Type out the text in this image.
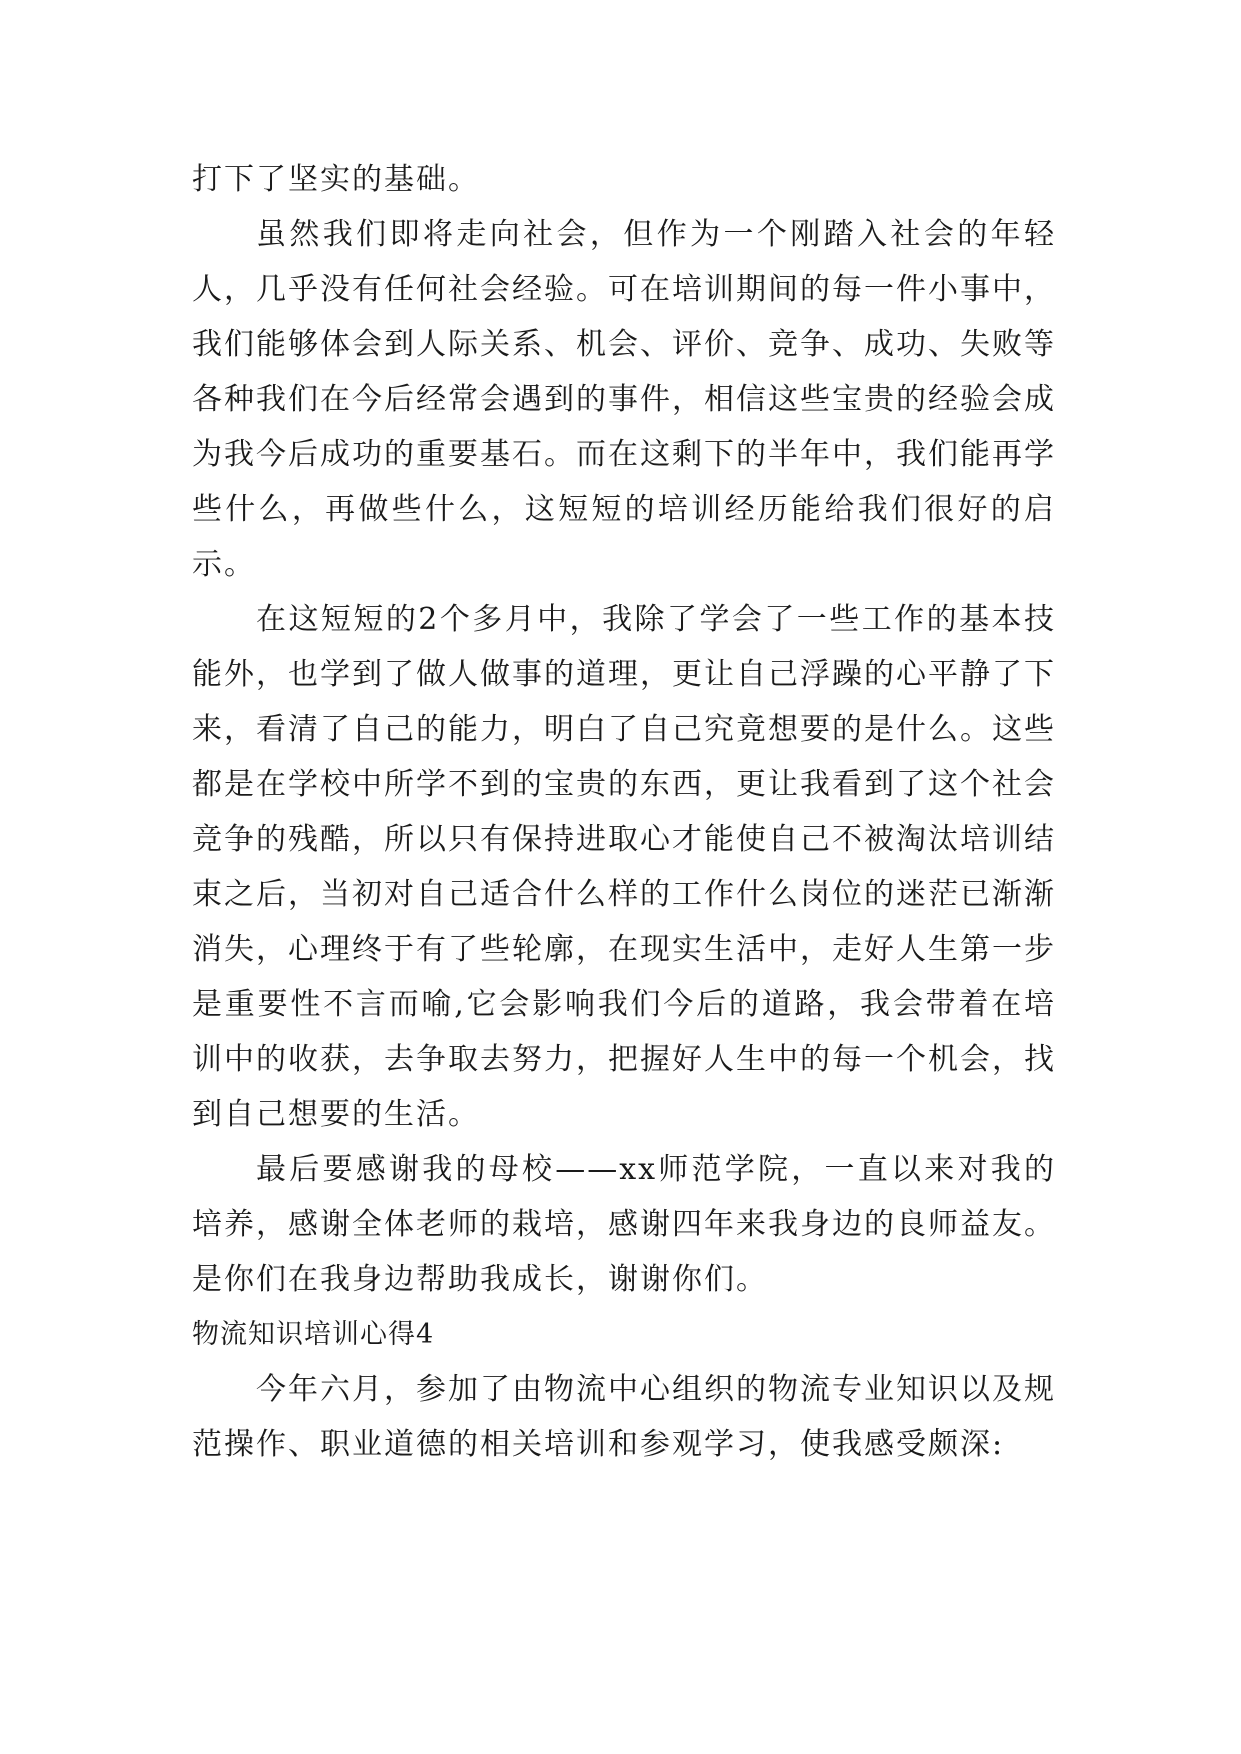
打下了坚实的基础。

虽然我们即将走向社会，但作为一个刚踏入社会的年轻人，几乎没有任何社会经验。可在培训期间的每一件小事中，我们能够体会到人际关系、机会、评价、竞争、成功、失败等各种我们在今后经常会遇到的事件，相信这些宝贵的经验会成为我今后成功的重要基石。而在这剩下的半年中，我们能再学些什么，再做些什么，这短短的培训经历能给我们很好的启示。

在这短短的2个多月中，我除了学会了一些工作的基本技能外，也学到了做人做事的道理，更让自己浮躁的心平静了下来，看清了自己的能力，明白了自己究竟想要的是什么。这些都是在学校中所学不到的宝贵的东西，更让我看到了这个社会竞争的残酷，所以只有保持进取心才能使自己不被淘汰培训结束之后，当初对自己适合什么样的工作什么岗位的迷茫已渐渐消失，心理终于有了些轮廓，在现实生活中，走好人生第一步是重要性不言而喻,它会影响我们今后的道路，我会带着在培训中的收获，去争取去努力，把握好人生中的每一个机会，找到自己想要的生活。

最后要感谢我的母校——xx师范学院，一直以来对我的培养，感谢全体老师的栽培，感谢四年来我身边的良师益友。是你们在我身边帮助我成长，谢谢你们。

物流知识培训心得4

今年六月，参加了由物流中心组织的物流专业知识以及规范操作、职业道德的相关培训和参观学习，使我感受颇深:
